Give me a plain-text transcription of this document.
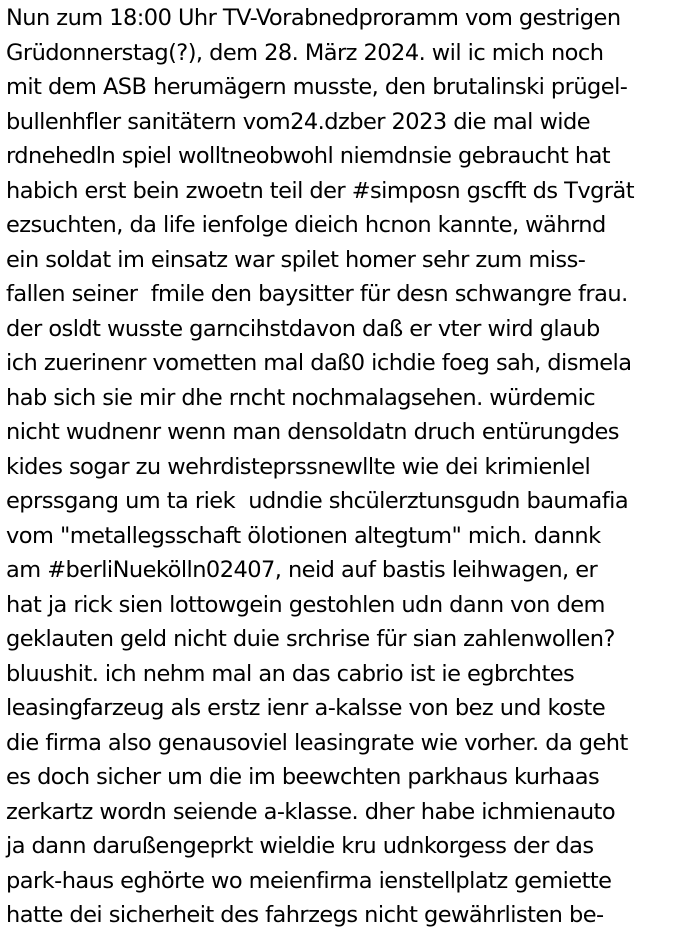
Nun zum 18:00 Uhr TV-Vorabnedproramm vom gestrigen
Grüdonnerstag(?), dem 28. März 2024. wil ic mich noch
mit dem ASB herumägern musste, den brutalinski prügel-
bullenhfler sanitätern vom24.dzber 2023 die mal wide
rdnehedln spiel wolltneobwohl niemdnsie gebraucht hat
habich erst bein zwoetn teil der #simposn gscfft ds Tvgrät
ezsuchten, da life ienfolge dieich hcnon kannte, währnd
ein soldat im einsatz war spilet homer sehr zum miss-
fallen seiner  fmile den baysitter für desn schwangre frau.
der osldt wusste garncihstdavon daß er vter wird glaub
ich zuerinenr vometten mal daß0 ichdie foeg sah, dismela
hab sich sie mir dhe rncht nochmalagsehen. würdemic
nicht wudnenr wenn man densoldatn druch entürungdes
kides sogar zu wehrdisteprssnewllte wie dei krimienlel
eprssgang um ta riek  udndie shcülerztunsgudn baumafia
vom "metallegsschaft ölotionen altegtum" mich. dannk
am #berliNuekölln02407, neid auf bastis leihwagen, er
hat ja rick sien lottowgein gestohlen udn dann von dem
geklauten geld nicht duie srchrise für sian zahlenwollen?
bluushit. ich nehm mal an das cabrio ist ie egbrchtes
leasingfarzeug als erstz ienr a-kalsse von bez und koste
die firma also genausoviel leasingrate wie vorher. da geht
es doch sicher um die im beewchten parkhaus kurhaas
zerkartz wordn seiende a-klasse. dher habe ichmienauto
ja dann darußengeprkt wieldie kru udnkorgess der das
park-haus eghörte wo meienfirma ienstellplatz gemiette
hatte dei sicherheit des fahrzegs nicht gewährlisten be-
